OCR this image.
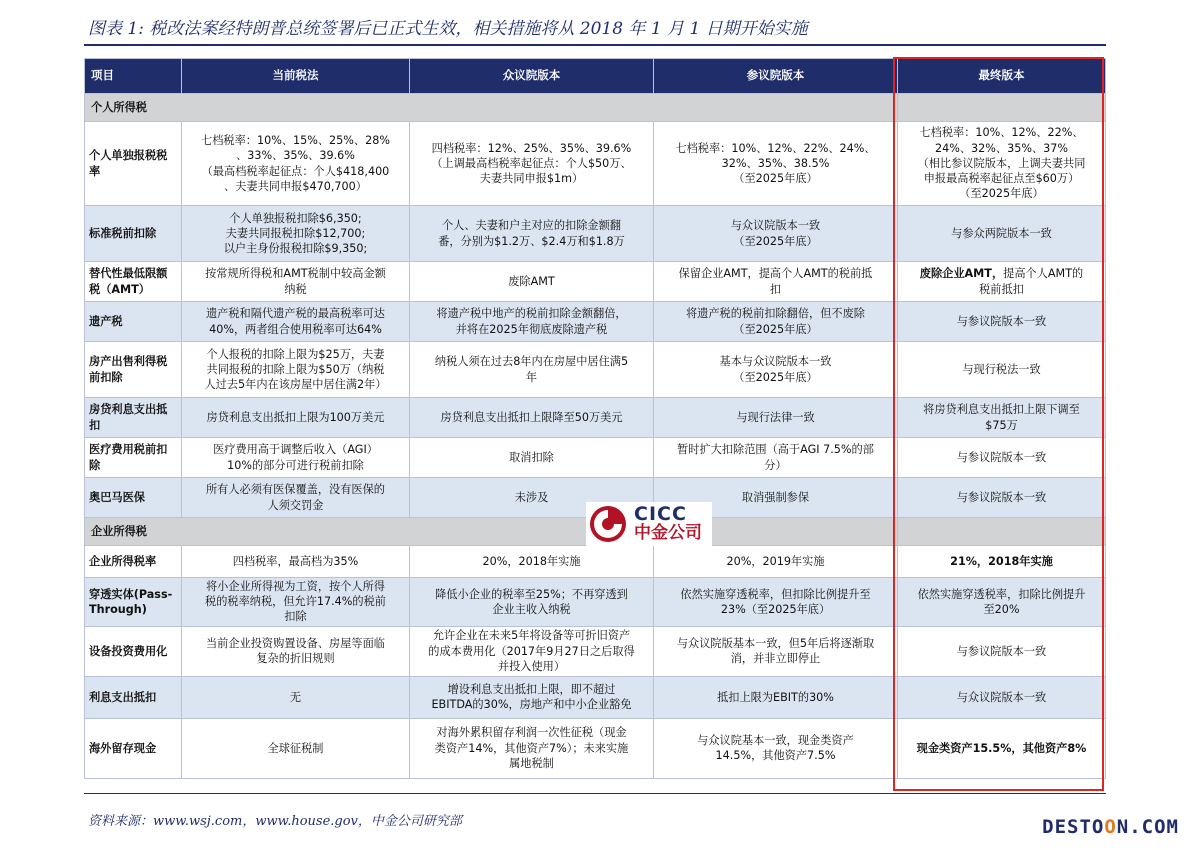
图表 1: 税改法案经特朗普总统签署后已正式生效，相关措施将从 2018 年 1 月 1 日期开始实施
项目	当前税法	众议院版本	参议院版本	最终版本
个人所得税				
个人单独报税税率	七档税率：10%、15%、25%、28%
、33%、35%、39.6%
（最高档税率起征点：个人$418,400
、夫妻共同申报$470,700）	四档税率：12%、25%、35%、39.6%
（上调最高档税率起征点：个人$50万、
夫妻共同申报$1m）	七档税率：10%、12%、22%、24%、
32%、35%、38.5%
（至2025年底）	七档税率：10%、12%、22%、
24%、32%、35%、37%
（相比参议院版本，上调夫妻共同
申报最高税率起征点至$60万）
（至2025年底）
标准税前扣除	个人单独报税扣除$6,350;
夫妻共同报税扣除$12,700;
以户主身份报税扣除$9,350;	个人、夫妻和户主对应的扣除金额翻
番，分别为$1.2万、$2.4万和$1.8万	与众议院版本一致
（至2025年底）	与参众两院版本一致
替代性最低限额税（AMT）	按常规所得税和AMT税制中较高金额
纳税	废除AMT	保留企业AMT，提高个人AMT的税前抵
扣	废除企业AMT，提高个人AMT的
税前抵扣
遗产税	遗产税和隔代遗产税的最高税率可达
40%，两者组合使用税率可达64%	将遗产税中地产的税前扣除金额翻倍，
并将在2025年彻底废除遗产税	将遗产税的税前扣除翻倍，但不废除
（至2025年底）	与参议院版本一致
房产出售利得税前扣除	个人报税的扣除上限为$25万，夫妻
共同报税的扣除上限为$50万（纳税
人过去5年内在该房屋中居住满2年）	纳税人须在过去8年内在房屋中居住满5
年	基本与众议院版本一致
（至2025年底）	与现行税法一致
房贷利息支出抵扣	房贷利息支出抵扣上限为100万美元	房贷利息支出抵扣上限降至50万美元	与现行法律一致	将房贷利息支出抵扣上限下调至
$75万
医疗费用税前扣除	医疗费用高于调整后收入（AGI）
10%的部分可进行税前扣除	取消扣除	暂时扩大扣除范围（高于AGI 7.5%的部
分）	与参议院版本一致
奥巴马医保	所有人必须有医保覆盖，没有医保的
人须交罚金	未涉及	取消强制参保	与参议院版本一致
企业所得税				
企业所得税率	四档税率，最高档为35%	20%，2018年实施	20%，2019年实施	21%，2018年实施
穿透实体(Pass-Through)	将小企业所得视为工资，按个人所得
税的税率纳税，但允许17.4%的税前
扣除	降低小企业的税率至25%；不再穿透到
企业主收入纳税	依然实施穿透税率，但扣除比例提升至
23%（至2025年底）	依然实施穿透税率，扣除比例提升
至20%
设备投资费用化	当前企业投资购置设备、房屋等面临
复杂的折旧规则	允许企业在未来5年将设备等可折旧资产
的成本费用化（2017年9月27日之后取得
并投入使用）	与众议院版基本一致，但5年后将逐渐取
消，并非立即停止	与参议院版本一致
利息支出抵扣	无	增设利息支出抵扣上限，即不超过
EBITDA的30%，房地产和中小企业豁免	抵扣上限为EBIT的30%	与众议院版本一致
海外留存现金	全球征税制	对海外累积留存利润一次性征税（现金
类资产14%，其他资产7%）；未来实施
属地税制	与众议院基本一致，现金类资产
14.5%，其他资产7.5%	现金类资产15.5%，其他资产8%
CICC
中金公司
资料来源：www.wsj.com，www.house.gov，中金公司研究部	DESTOON.COM
